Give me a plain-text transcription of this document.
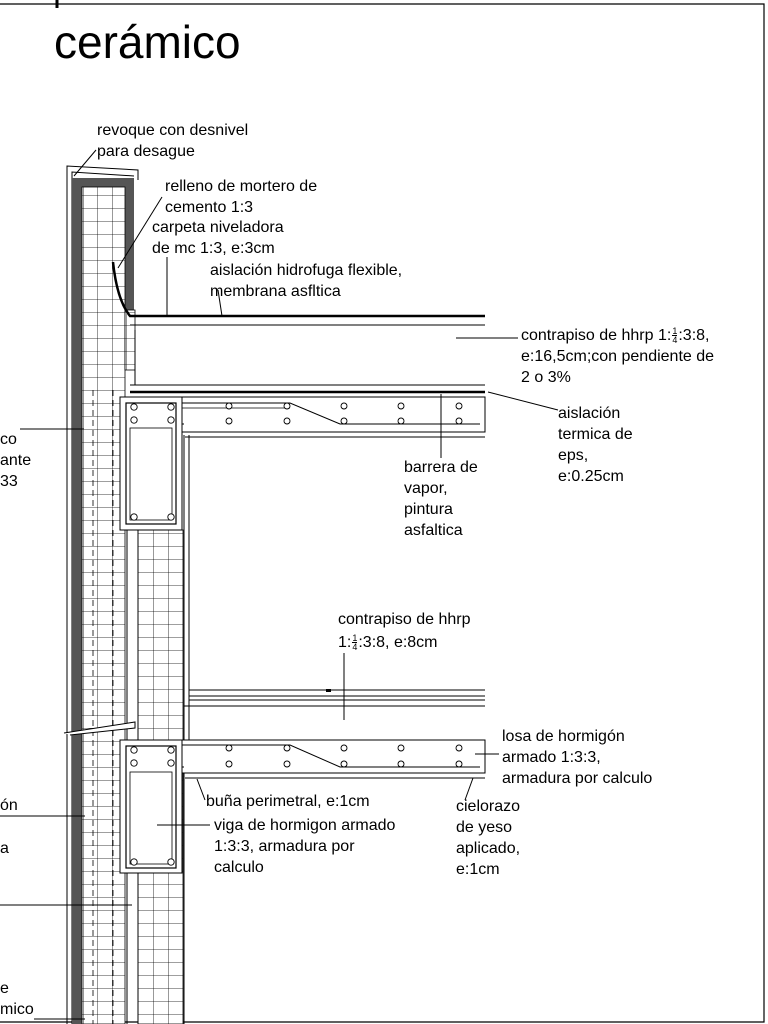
cerámico
revoque con desnivel
para desague
relleno de mortero de
cemento 1:3
carpeta niveladora
de mc 1:3, e:3cm
aislación hidrofuga flexible,
membrana asfltica
contrapiso de hhrp 1: $\frac{1}{4}$ :3:8,
e:16,5cm;con pendiente de
2 o 3%
aislación
termica de
eps,
e:0.25cm
barrera de
vapor,
pintura
asfaltica
contrapiso de hhrp
1: $\frac{1}{4}$ :3:8, e:8cm
losa de hormigón
armado 1:3:3,
armadura por calculo
buña perimetral, e:1cm
viga de hormigon armado
1:3:3, armadura por
calculo
cielorazo
de yeso
aplicado,
e:1cm
co
ante
33
ón
a
e
mico
